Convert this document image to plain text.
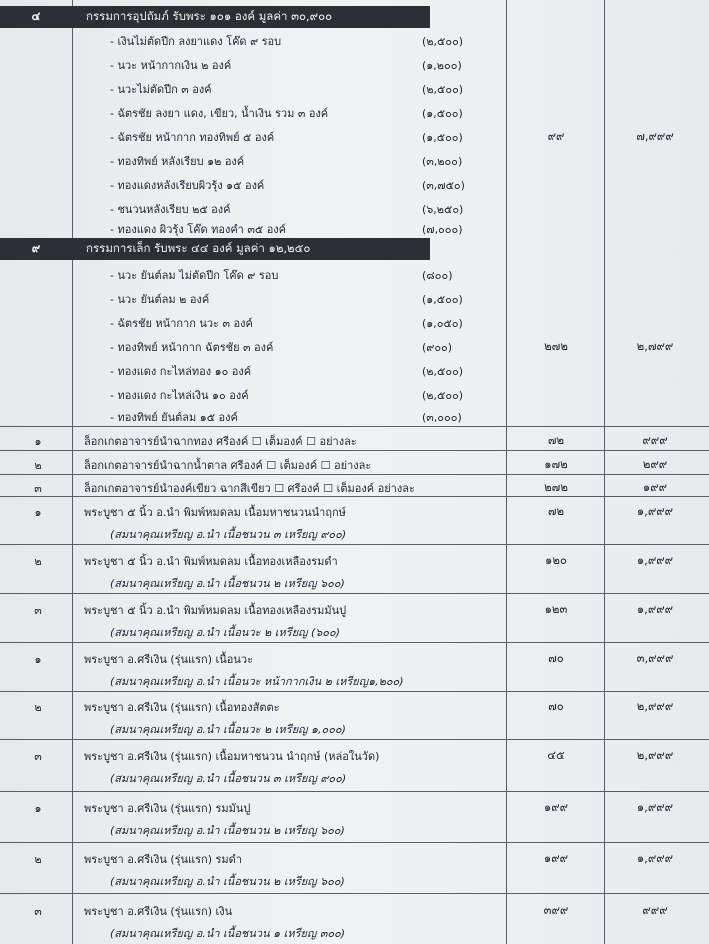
๔	กรรมการอุปถัมภ์ รับพระ ๑๐๑ องค์ มูลค่า ๓๐,๙๐๐
- เงินไม่ตัดปีก ลงยาแดง โค๊ด ๙ รอบ	(๒,๕๐๐)
- นวะ หน้ากากเงิน ๒ องค์	(๑,๒๐๐)
- นวะไม่ตัดปีก ๓ องค์	(๒,๕๐๐)
- ฉัตรชัย ลงยา แดง, เขียว, น้ำเงิน รวม ๓ องค์	(๑,๕๐๐)
- ฉัตรชัย หน้ากาก ทองทิพย์ ๕ องค์	(๑,๕๐๐)
- ทองทิพย์ หลังเรียบ ๑๒ องค์	(๓,๒๐๐)
- ทองแดงหลังเรียบผิวรุ้ง ๑๕ องค์	(๓,๗๕๐)
- ชนวนหลังเรียบ ๒๕ องค์	(๖,๒๕๐)
- ทองแดง ผิวรุ้ง โค๊ด ทองคำ ๓๕ องค์	(๗,๐๐๐)
๙๙	๗,๙๙๙
๙	กรรมการเล็ก รับพระ ๔๔ องค์ มูลค่า ๑๒,๒๕๐
- นวะ ยันต์ลม ไม่ตัดปีก โค๊ด ๙ รอบ	(๘๐๐)
- นวะ ยันต์ลม ๒ องค์	(๑,๕๐๐)
- ฉัตรชัย หน้ากาก นวะ ๓ องค์	(๑,๐๕๐)
- ทองทิพย์ หน้ากาก ฉัตรชัย ๓ องค์	(๙๐๐)
- ทองแดง กะไหล่ทอง ๑๐ องค์	(๒,๕๐๐)
- ทองแดง กะไหล่เงิน ๑๐ องค์	(๒,๕๐๐)
- ทองทิพย์ ยันต์ลม ๑๕ องค์	(๓,๐๐๐)
๒๗๒	๒,๗๙๙
๑	ล็อกเกตอาจารย์นำฉากทอง ศรีองค์ ☐ เต็มองค์ ☐ อย่างละ	๗๒	๙๙๙
๒	ล็อกเกตอาจารย์นำฉากน้ำตาล ศรีองค์ ☐ เต็มองค์ ☐ อย่างละ	๑๗๒	๒๙๙
๓	ล็อกเกตอาจารย์นำองค์เขียว ฉากสีเขียว ☐ ศรีองค์ ☐ เต็มองค์ อย่างละ	๒๗๒	๑๙๙
๑	พระบูชา ๕ นิ้ว อ.นำ พิมพ์หมดลม เนื้อมหาชนวนนำฤกษ์
(สมนาคุณเหรียญ อ.นำ เนื้อชนวน ๓ เหรียญ ๙๐๐)
๗๒	๑,๙๙๙
๒	พระบูชา ๕ นิ้ว อ.นำ พิมพ์หมดลม เนื้อทองเหลืองรมดำ
(สมนาคุณเหรียญ อ.นำ เนื้อชนวน ๒ เหรียญ ๖๐๐)
๑๒๐	๑,๙๙๙
๓	พระบูชา ๕ นิ้ว อ.นำ พิมพ์หมดลม เนื้อทองเหลืองรมมันปู
(สมนาคุณเหรียญ อ.นำ เนื้อนวะ ๒ เหรียญ (๖๐๐)
๑๒๓	๑,๙๙๙
๑	พระบูชา อ.ศรีเงิน (รุ่นแรก) เนื้อนวะ
(สมนาคุณเหรียญ อ.นำ เนื้อนวะ หน้ากากเงิน ๒ เหรียญ๑,๒๐๐)
๗๐	๓,๙๙๙
๒	พระบูชา อ.ศรีเงิน (รุ่นแรก) เนื้อทองสัตตะ
(สมนาคุณเหรียญ อ.นำ เนื้อนวะ ๒ เหรียญ ๑,๐๐๐)
๗๐	๒,๙๙๙
๓	พระบูชา อ.ศรีเงิน (รุ่นแรก) เนื้อมหาชนวน นำฤกษ์ (หล่อในวัด)
(สมนาคุณเหรียญ อ.นำ เนื้อชนวน ๓ เหรียญ ๙๐๐)
๔๕	๒,๙๙๙
๑	พระบูชา อ.ศรีเงิน (รุ่นแรก) รมมันปู
(สมนาคุณเหรียญ อ.นำ เนื้อชนวน ๒ เหรียญ ๖๐๐)
๑๙๙	๑,๙๙๙
๒	พระบูชา อ.ศรีเงิน (รุ่นแรก) รมดำ
(สมนาคุณเหรียญ อ.นำ เนื้อชนวน ๒ เหรียญ ๖๐๐)
๑๙๙	๑,๙๙๙
๓	พระบูชา อ.ศรีเงิน (รุ่นแรก) เงิน
(สมนาคุณเหรียญ อ.นำ เนื้อชนวน ๑ เหรียญ ๓๐๐)
๓๙๙	๙๙๙
